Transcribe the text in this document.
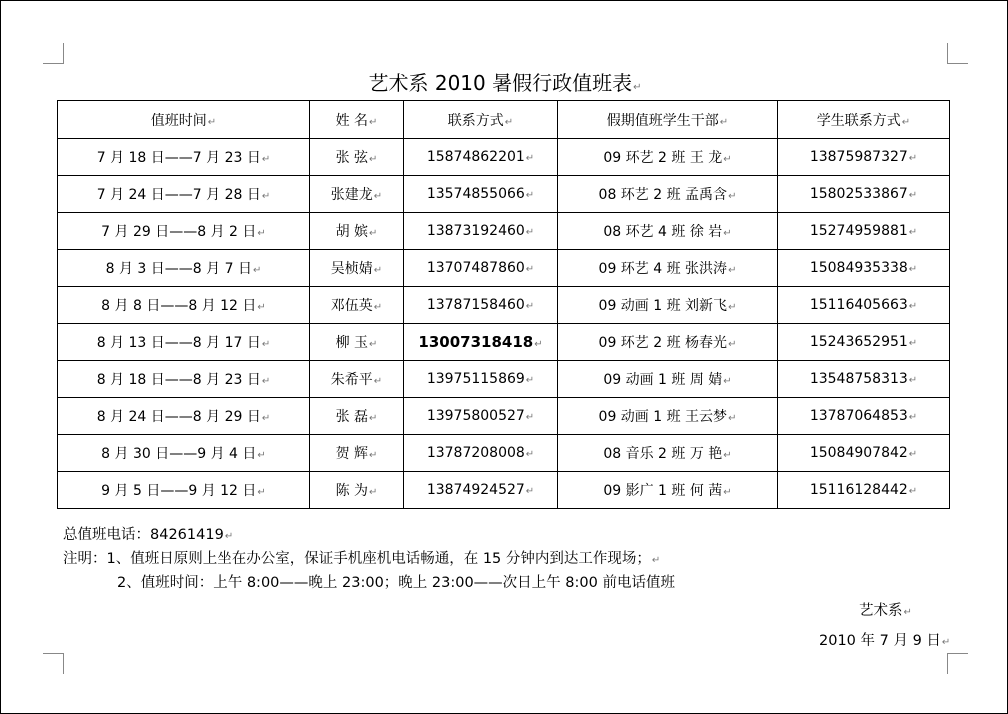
艺术系 2010 暑假行政值班表↵
值班时间↵	姓 名↵	联系方式↵	假期值班学生干部↵	学生联系方式↵
7 月 18 日——7 月 23 日↵	张 弦↵	15874862201↵	09 环艺 2 班 王 龙↵	13875987327↵
7 月 24 日——7 月 28 日↵	张建龙↵	13574855066↵	08 环艺 2 班 孟禹含↵	15802533867↵
7 月 29 日——8 月 2 日↵	胡 嫔↵	13873192460↵	08 环艺 4 班 徐 岩↵	15274959881↵
8 月 3 日——8 月 7 日↵	吴桢婧↵	13707487860↵	09 环艺 4 班 张洪涛↵	15084935338↵
8 月 8 日——8 月 12 日↵	邓伍英↵	13787158460↵	09 动画 1 班 刘新飞↵	15116405663↵
8 月 13 日——8 月 17 日↵	柳 玉↵	13007318418↵	09 环艺 2 班 杨春光↵	15243652951↵
8 月 18 日——8 月 23 日↵	朱希平↵	13975115869↵	09 动画 1 班 周 婧↵	13548758313↵
8 月 24 日——8 月 29 日↵	张 磊↵	13975800527↵	09 动画 1 班 王云梦↵	13787064853↵
8 月 30 日——9 月 4 日↵	贺 辉↵	13787208008↵	08 音乐 2 班 万 艳↵	15084907842↵
9 月 5 日——9 月 12 日↵	陈 为↵	13874924527↵	09 影广 1 班 何 茜↵	15116128442↵
总值班电话：84261419↵
注明：1、值班日原则上坐在办公室，保证手机座机电话畅通，在 15 分钟内到达工作现场；↵
2、值班时间：上午 8:00——晚上 23:00；晚上 23:00——次日上午 8:00 前电话值班
艺术系↵
2010 年 7 月 9 日↵
